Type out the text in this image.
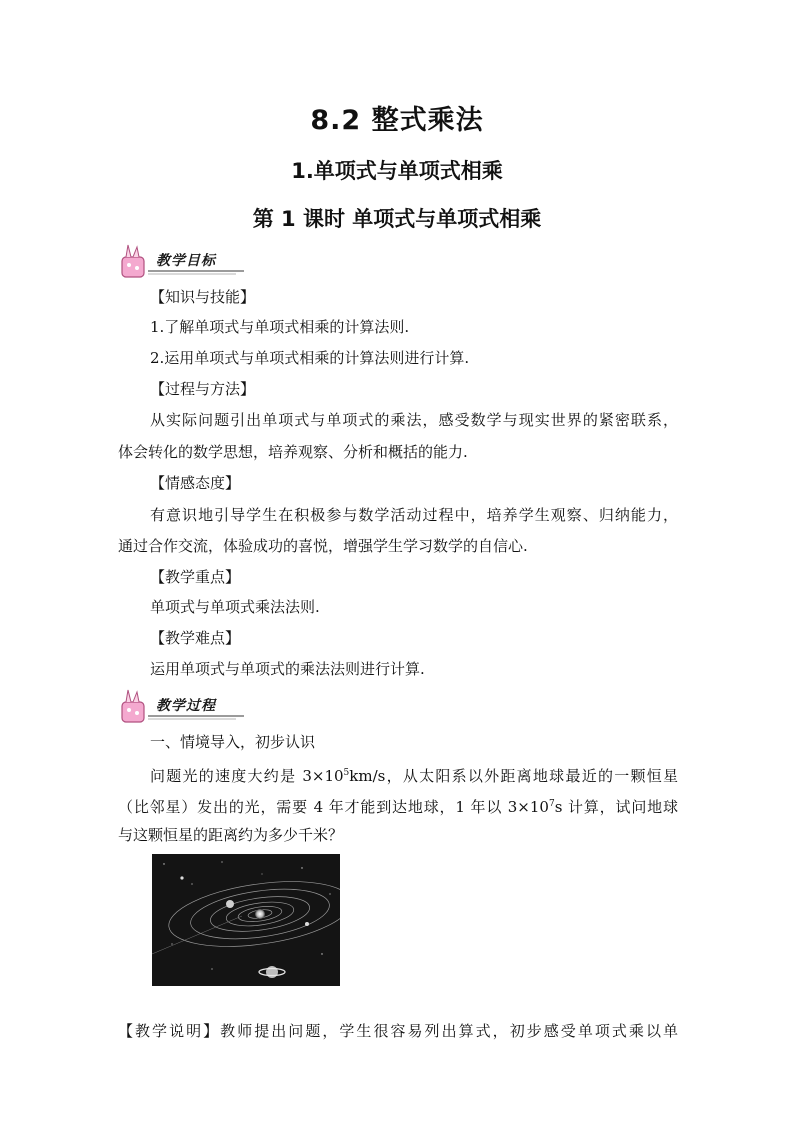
8.2 整式乘法
1.单项式与单项式相乘
第 1 课时 单项式与单项式相乘
教学目标
【知识与技能】
1.了解单项式与单项式相乘的计算法则.
2.运用单项式与单项式相乘的计算法则进行计算.
【过程与方法】
从实际问题引出单项式与单项式的乘法，感受数学与现实世界的紧密联系，
体会转化的数学思想，培养观察、分析和概括的能力.
【情感态度】
有意识地引导学生在积极参与数学活动过程中，培养学生观察、归纳能力，
通过合作交流，体验成功的喜悦，增强学生学习数学的自信心.
【教学重点】
单项式与单项式乘法法则.
【教学难点】
运用单项式与单项式的乘法法则进行计算.
教学过程
一、情境导入，初步认识
问题光的速度大约是 $3\times 10^5km/s$，从太阳系以外距离地球最近的一颗恒星
（比邻星）发出的光，需要 4 年才能到达地球，1 年以 $3\times 10^7s$ 计算，试问地球
与这颗恒星的距离约为多少千米？
【教学说明】教师提出问题，学生很容易列出算式，初步感受单项式乘以单
